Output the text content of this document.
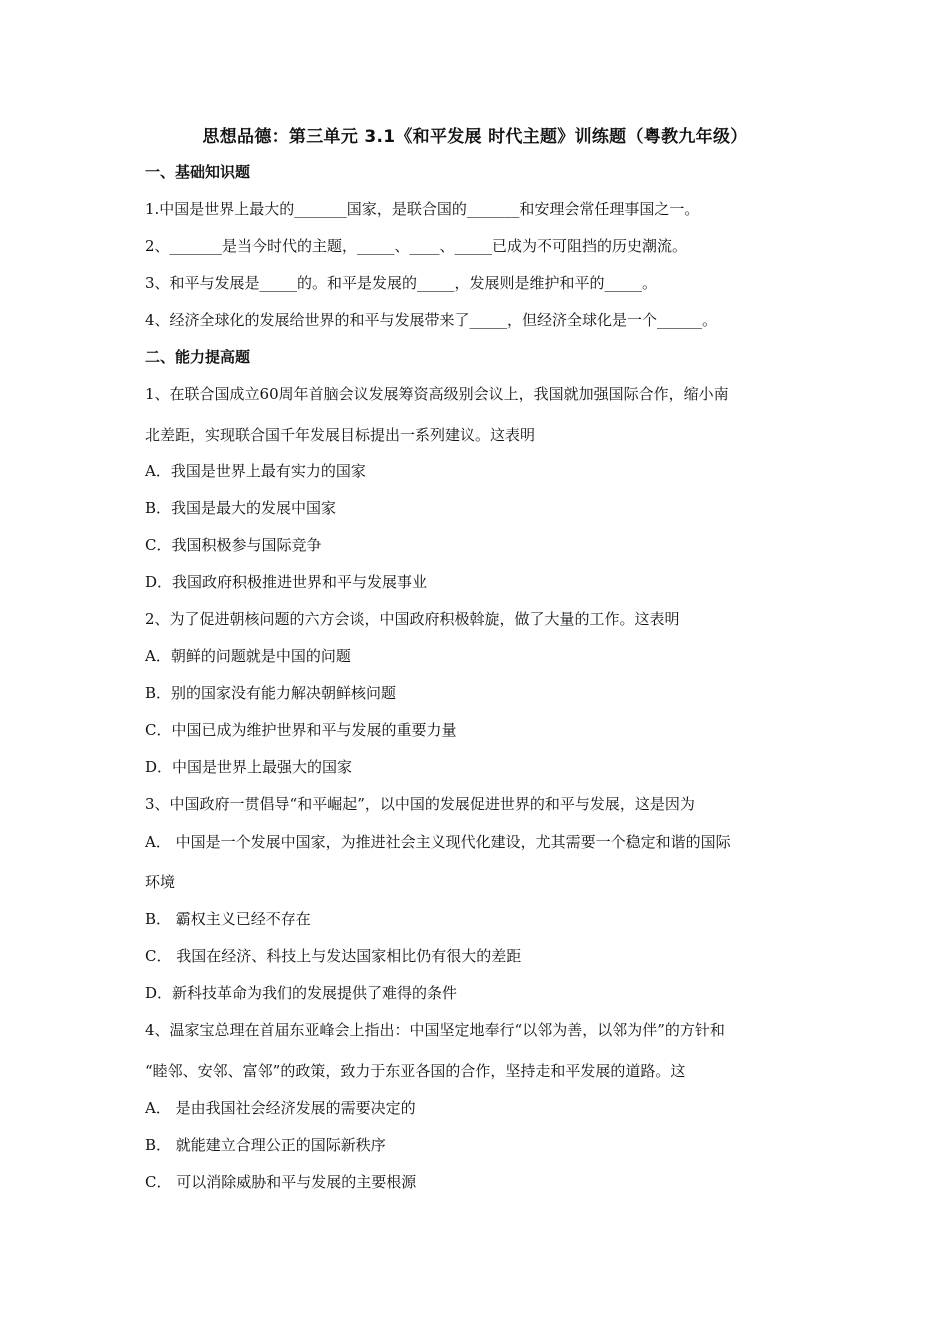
思想品德：第三单元 3.1《和平发展 时代主题》训练题（粤教九年级）
一、基础知识题
1.中国是世界上最大的_______国家，是联合国的_______和安理会常任理事国之一。
2、_______是当今时代的主题，_____、____、_____已成为不可阻挡的历史潮流。
3、和平与发展是_____的。和平是发展的_____，发展则是维护和平的_____。
4、经济全球化的发展给世界的和平与发展带来了_____，但经济全球化是一个______。
二、能力提高题
1、在联合国成立60周年首脑会议发展筹资高级别会议上，我国就加强国际合作，缩小南
北差距，实现联合国千年发展目标提出一系列建议。这表明
A．我国是世界上最有实力的国家
B．我国是最大的发展中国家
C．我国积极参与国际竞争
D．我国政府积极推进世界和平与发展事业
2、为了促进朝核问题的六方会谈，中国政府积极斡旋，做了大量的工作。这表明
A．朝鲜的问题就是中国的问题
B．别的国家没有能力解决朝鲜核问题
C．中国已成为维护世界和平与发展的重要力量
D．中国是世界上最强大的国家
3、中国政府一贯倡导“和平崛起”，以中国的发展促进世界的和平与发展，这是因为
A． 中国是一个发展中国家，为推进社会主义现代化建设，尤其需要一个稳定和谐的国际
环境
B． 霸权主义已经不存在
C． 我国在经济、科技上与发达国家相比仍有很大的差距
D．新科技革命为我们的发展提供了难得的条件
4、温家宝总理在首届东亚峰会上指出：中国坚定地奉行“以邻为善，以邻为伴”的方针和
“睦邻、安邻、富邻”的政策，致力于东亚各国的合作，坚持走和平发展的道路。这
A． 是由我国社会经济发展的需要决定的
B． 就能建立合理公正的国际新秩序
C． 可以消除威胁和平与发展的主要根源
